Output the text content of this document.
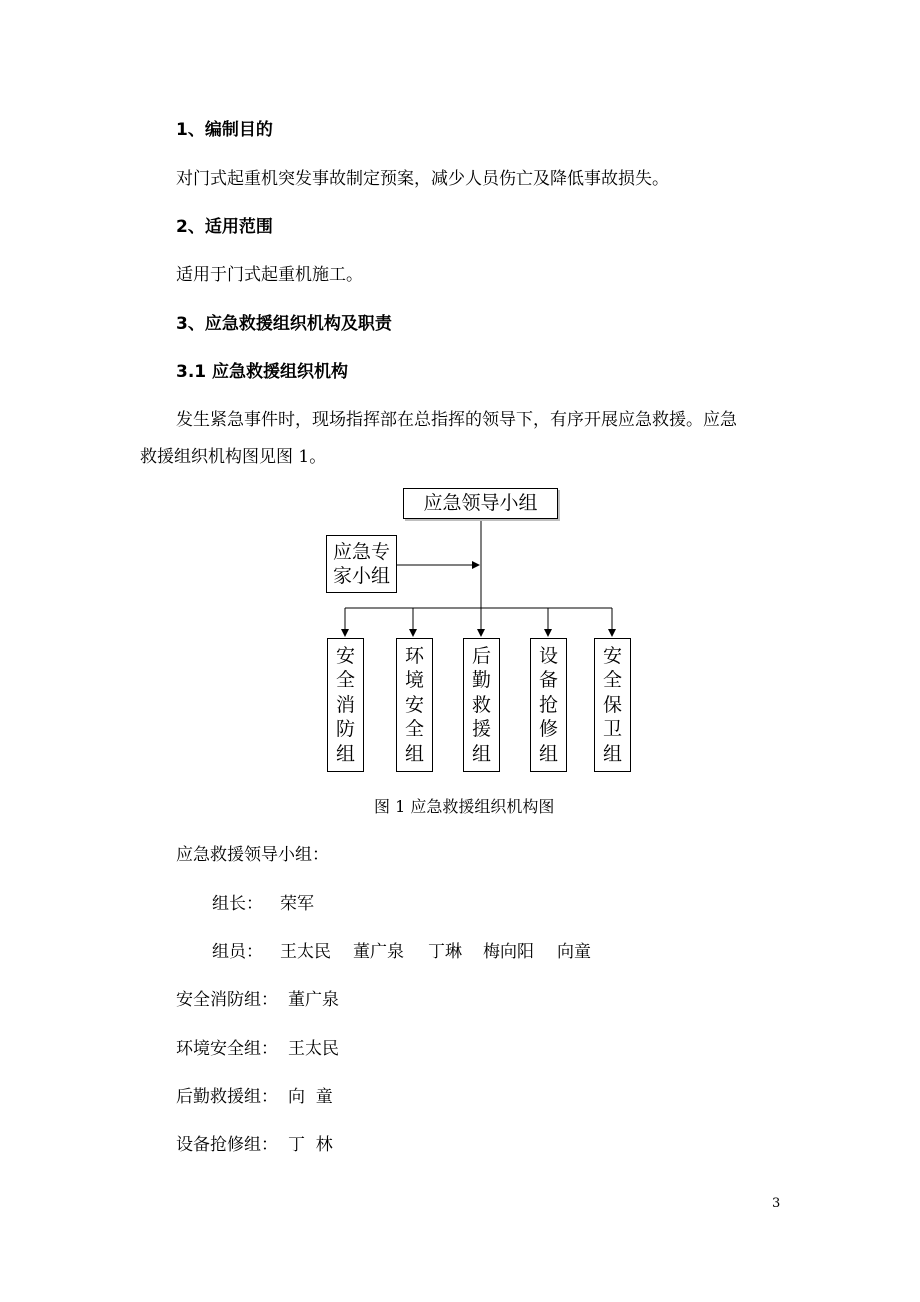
1、编制目的
对门式起重机突发事故制定预案，减少人员伤亡及降低事故损失。
2、适用范围
适用于门式起重机施工。
3、应急救援组织机构及职责
3.1 应急救援组织机构
发生紧急事件时，现场指挥部在总指挥的领导下，有序开展应急救援。应急
救援组织机构图见图 1。
应急领导小组
应急专
家小组
安
全
消
防
组
环
境
安
全
组
后
勤
救
援
组
设
备
抢
修
组
安
全
保
卫
组
图 1 应急救援组织机构图
应急救援领导小组：
组长： 荣军
组员： 王太民 董广泉 丁琳 梅向阳 向童
安全消防组： 董广泉
环境安全组： 王太民
后勤救援组： 向  童
设备抢修组： 丁  林
3
